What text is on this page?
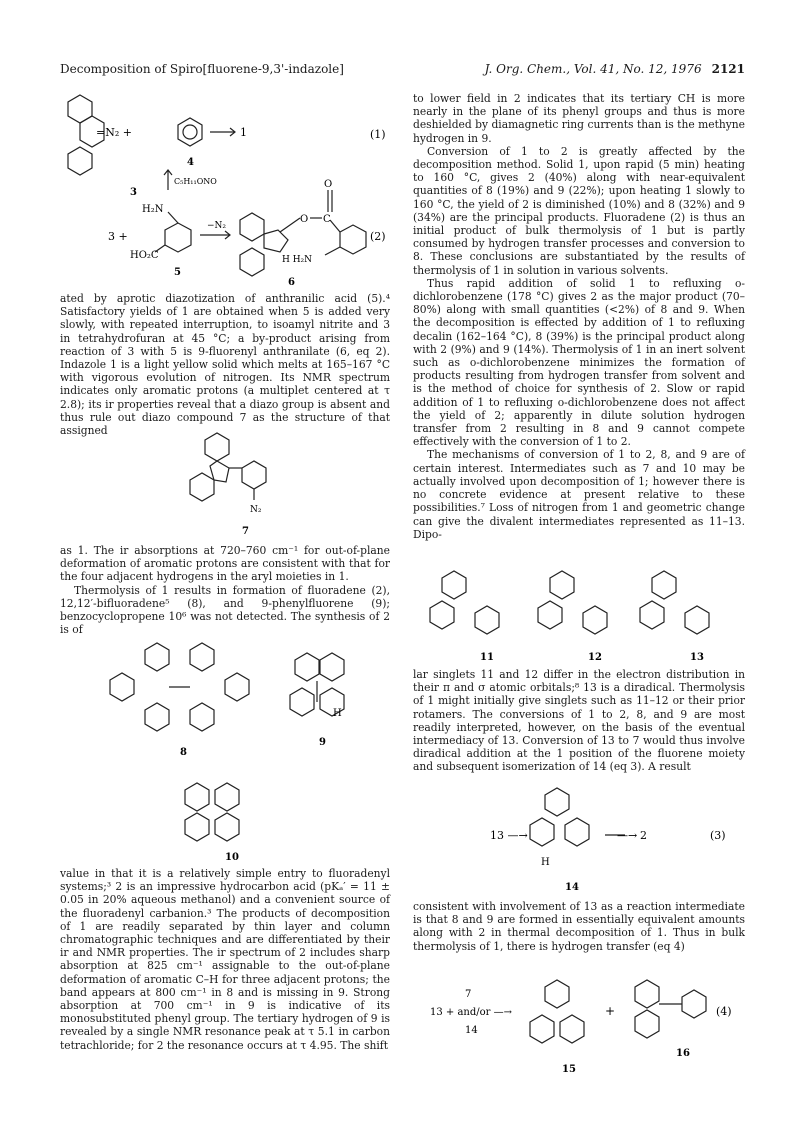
Decomposition of Spiro[fluorene-9,3'-indazole]	J. Org. Chem., Vol. 41, No. 12, 1976 2121
=N₂ +	1	(1)
3
4
C₅H₁₁ONO
3 +
H₂N
HO₂C
−N₂
5
6
O C
O
H H₂N
(2)

ated by aprotic diazotization of anthranilic acid (5).⁴ Satisfactory yields of 1 are obtained when 5 is added very slowly, with repeated interruption, to isoamyl nitrite and 3 in tetrahydrofuran at 45 °C; a by-product arising from reaction of 3 with 5 is 9-fluorenyl anthranilate (6, eq 2). Indazole 1 is a light yellow solid which melts at 165–167 °C with vigorous evolution of nitrogen. Its NMR spectrum indicates only aromatic protons (a multiplet centered at τ 2.8); its ir properties reveal that a diazo group is absent and thus rule out diazo compound 7 as the structure of that assigned

N₂
7

as 1. The ir absorptions at 720–760 cm⁻¹ for out-of-plane deformation of aromatic protons are consistent with that for the four adjacent hydrogens in the aryl moieties in 1.

Thermolysis of 1 results in formation of fluoradene (2), 12,12′-bifluoradene⁵ (8), and 9-phenylfluorene (9); benzocyclopropene 10⁶ was not detected. The synthesis of 2 is of

8
H
9
10

value in that it is a relatively simple entry to fluoradenyl systems;³ 2 is an impressive hydrocarbon acid (pKₐ′ = 11 ± 0.05 in 20% aqueous methanol) and a convenient source of the fluoradenyl carbanion.³ The products of decomposition of 1 are readily separated by thin layer and column chromatographic techniques and are differentiated by their ir and NMR properties. The ir spectrum of 2 includes sharp absorption at 825 cm⁻¹ assignable to the out-of-plane deformation of aromatic C–H for three adjacent protons; the band appears at 800 cm⁻¹ in 8 and is missing in 9. Strong absorption at 700 cm⁻¹ in 9 is indicative of its monosubstituted phenyl group. The tertiary hydrogen of 9 is revealed by a single NMR resonance peak at τ 5.1 in carbon tetrachloride; for 2 the resonance occurs at τ 4.95. The shift

to lower field in 2 indicates that its tertiary CH is more nearly in the plane of its phenyl groups and thus is more deshielded by diamagnetic ring currents than is the methyne hydrogen in 9.

Conversion of 1 to 2 is greatly affected by the decomposition method. Solid 1, upon rapid (5 min) heating to 160 °C, gives 2 (40%) along with near-equivalent quantities of 8 (19%) and 9 (22%); upon heating 1 slowly to 160 °C, the yield of 2 is diminished (10%) and 8 (32%) and 9 (34%) are the principal products. Fluoradene (2) is thus an initial product of bulk thermolysis of 1 but is partly consumed by hydrogen transfer processes and conversion to 8. These conclusions are substantiated by the results of thermolysis of 1 in solution in various solvents.

Thus rapid addition of solid 1 to refluxing o-dichlorobenzene (178 °C) gives 2 as the major product (70–80%) along with small quantities (<2%) of 8 and 9. When the decomposition is effected by addition of 1 to refluxing decalin (162–164 °C), 8 (39%) is the principal product along with 2 (9%) and 9 (14%). Thermolysis of 1 in an inert solvent such as o-dichlorobenzene minimizes the formation of products resulting from hydrogen transfer from solvent and is the method of choice for synthesis of 2. Slow or rapid addition of 1 to refluxing o-dichlorobenzene does not affect the yield of 2; apparently in dilute solution hydrogen transfer from 2 resulting in 8 and 9 cannot compete effectively with the conversion of 1 to 2.

The mechanisms of conversion of 1 to 2, 8, and 9 are of certain interest. Intermediates such as 7 and 10 may be actually involved upon decomposition of 1; however there is no concrete evidence at present relative to these possibilities.⁷ Loss of nitrogen from 1 and geometric change can give the divalent intermediates represented as 11–13. Dipo-

11	12	13

lar singlets 11 and 12 differ in the electron distribution in their π and σ atomic orbitals;⁸ 13 is a diradical. Thermolysis of 1 might initially give singlets such as 11–12 or their prior rotamers. The conversions of 1 to 2, 8, and 9 are most readily interpreted, however, on the basis of the eventual intermediacy of 13. Conversion of 13 to 7 would thus involve diradical addition at the 1 position of the fluorene moiety and subsequent isomerization of 14 (eq 3). A result

13 —→	—→ 2	(3)
H
14

consistent with involvement of 13 as a reaction intermediate is that 8 and 9 are formed in essentially equivalent amounts along with 2 in thermal decomposition of 1. Thus in bulk thermolysis of 1, there is hydrogen transfer (eq 4)

7
13 + and/or —→
14
+	(4)
15
16
